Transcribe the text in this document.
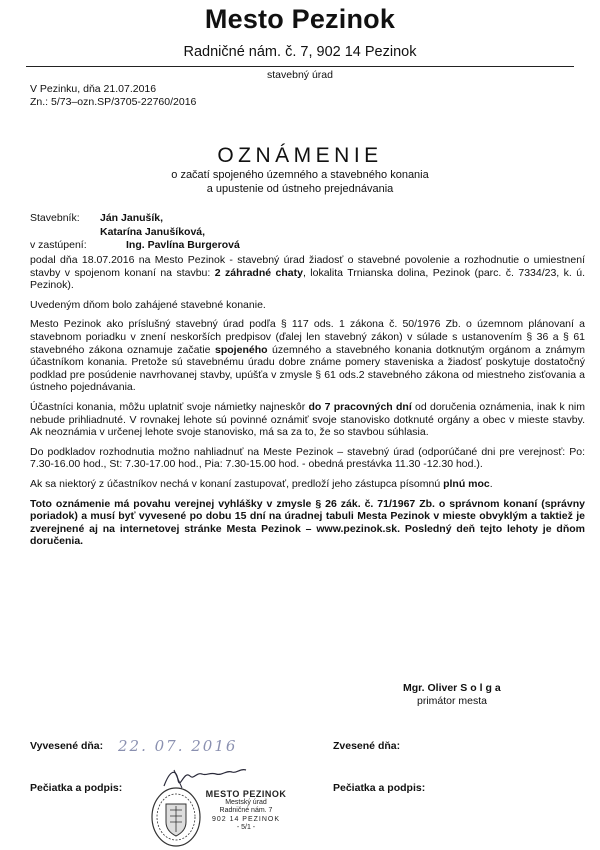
Mesto Pezinok
Radničné nám. č. 7, 902 14 Pezinok
stavebný úrad
V Pezinku, dňa 21.07.2016
Zn.: 5/73–ozn.SP/3705-22760/2016
OZNÁMENIE
o začatí spojeného územného a stavebného konania
a upustenie od ústneho prejednávania
Stavebník: Ján Janušík,
Katarína Janušíková,
v zastúpení:	Ing. Pavlína Burgerová

podal dňa 18.07.2016 na Mesto Pezinok - stavebný úrad žiadosť o stavebné povolenie a rozhodnutie o umiestnení stavby v spojenom konaní na stavbu: 2 záhradné chaty, lokalita Trnianska dolina, Pezinok (parc. č. 7334/23, k. ú. Pezinok).

Uvedeným dňom bolo zahájené stavebné konanie.

Mesto Pezinok ako príslušný stavebný úrad podľa § 117 ods. 1 zákona č. 50/1976 Zb. o územnom plánovaní a stavebnom poriadku v znení neskorších predpisov (ďalej len stavebný zákon) v súlade s ustanovením § 36 a § 61 stavebného zákona oznamuje začatie spojeného územného a stavebného konania dotknutým orgánom a známym účastníkom konania. Pretože sú stavebnému úradu dobre známe pomery staveniska a žiadosť poskytuje dostatočný podklad pre posúdenie navrhovanej stavby, upúšťa v zmysle § 61 ods.2 stavebného zákona od miestneho zisťovania a ústneho pojednávania.

Účastníci konania, môžu uplatniť svoje námietky najneskôr do 7 pracovných dní od doručenia oznámenia, inak k nim nebude prihliadnuté. V rovnakej lehote sú povinné oznámiť svoje stanovisko dotknuté orgány a obec v mieste stavby. Ak neoznámia v určenej lehote svoje stanovisko, má sa za to, že so stavbou súhlasia.

Do podkladov rozhodnutia možno nahliadnuť na Meste Pezinok – stavebný úrad (odporúčané dni pre verejnosť: Po: 7.30-16.00 hod., St: 7.30-17.00 hod., Pia: 7.30-15.00 hod. - obedná prestávka 11.30 -12.30 hod.).

Ak sa niektorý z účastníkov nechá v konaní zastupovať, predloží jeho zástupca písomnú plnú moc.

Toto oznámenie má povahu verejnej vyhlášky v zmysle § 26 zák. č. 71/1967 Zb. o správnom konaní (správny poriadok) a musí byť vyvesené po dobu 15 dní na úradnej tabuli Mesta Pezinok v mieste obvyklým a taktiež je zverejnené aj na internetovej stránke Mesta Pezinok – www.pezinok.sk. Posledný deň tejto lehoty je dňom doručenia.

Mgr. Oliver Solga
primátor mesta
Vyvesené dňa: 22. 07. 2016	Zvesené dňa:
Pečiatka a podpis:	Pečiatka a podpis:
MESTO PEZINOK
Mestský úrad
Radničné nám. 7
902 14 PEZINOK
- 5/1 -
